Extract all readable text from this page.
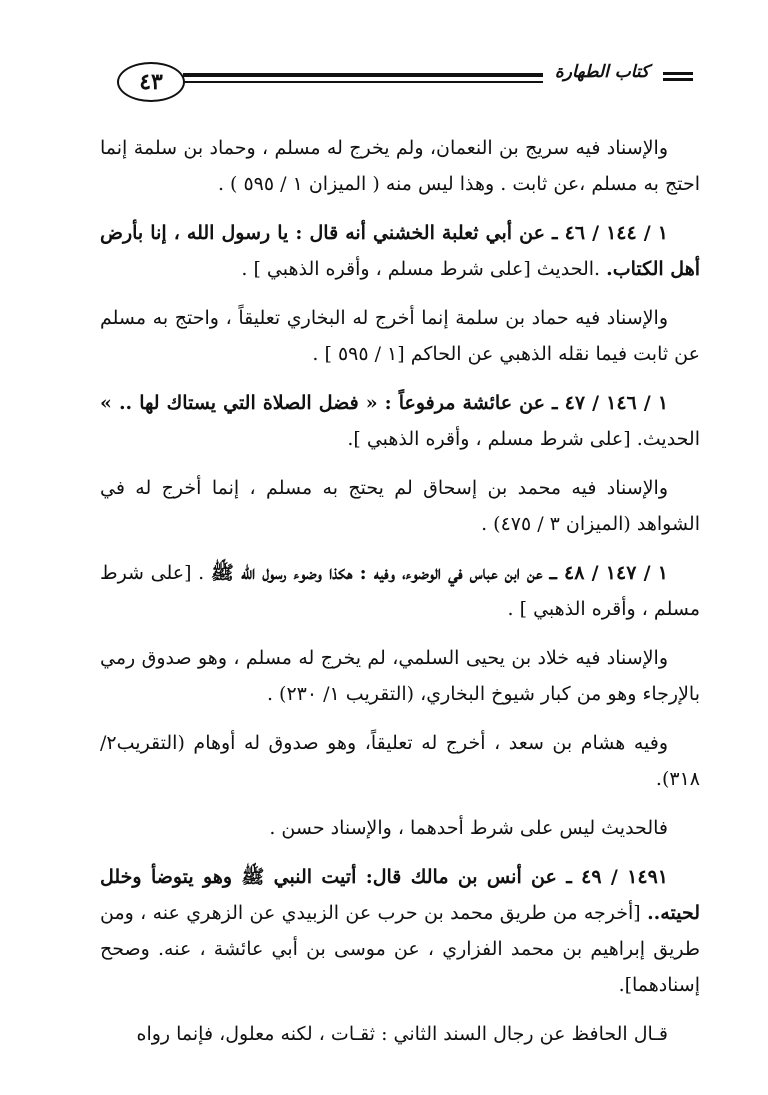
٤٣	كتاب الطهارة

والإسناد فيه سريج بن النعمان، ولم يخرج له مسلم ، وحماد بن سلمة إنما احتج به مسلم ،عن ثابت . وهذا ليس منه ( الميزان ١ / ٥٩٥ ) .

١ / ١٤٤ / ٤٦ ـ عن أبي ثعلبة الخشني أنه قال : يا رسول الله ، إنا بأرض أهل الكتاب. .الحديث [على شرط مسلم ، وأقره الذهبي ] .

والإسناد فيه حماد بن سلمة إنما أخرج له البخاري تعليقاً ، واحتج به مسلم عن ثابت فيما نقله الذهبي عن الحاكم [١ / ٥٩٥ ] .

١ / ١٤٦ / ٤٧ ـ عن عائشة مرفوعاً : « فضل الصلاة التي يستاك لها .. » الحديث. [على شرط مسلم ، وأقره الذهبي ].

والإسناد فيه محمد بن إسحاق لم يحتج به مسلم ، إنما أخرج له في الشواهد (الميزان ٣ / ٤٧٥) .

١ / ١٤٧ / ٤٨ ـــ عن ابن عباس في الوضوء، وفيه : هكذا وضوء رسول الله ﷺ . [على شرط مسلم ، وأقره الذهبي ] .

والإسناد فيه خلاد بن يحيى السلمي، لم يخرج له مسلم ، وهو صدوق رمي بالإرجاء وهو من كبار شيوخ البخاري، (التقريب ١/ ٢٣٠) .

وفيه هشام بن سعد ، أخرج له تعليقاً، وهو صدوق له أوهام (التقريب٢/ ٣١٨).

فالحديث ليس على شرط أحدهما ، والإسناد حسن .

١٤٩١ / ٤٩ ـ عن أنس بن مالك قال: أتيت النبي ﷺ وهو يتوضأ وخلل لحيته.. [أخرجه من طريق محمد بن حرب عن الزبيدي عن الزهري عنه ، ومن طريق إبراهيم بن محمد الفزاري ، عن موسى بن أبي عائشة ، عنه. وصحح إسنادهما].

قـال الحافظ عن رجال السند الثاني : ثقـات ، لكنه معلول، فإنما رواه
